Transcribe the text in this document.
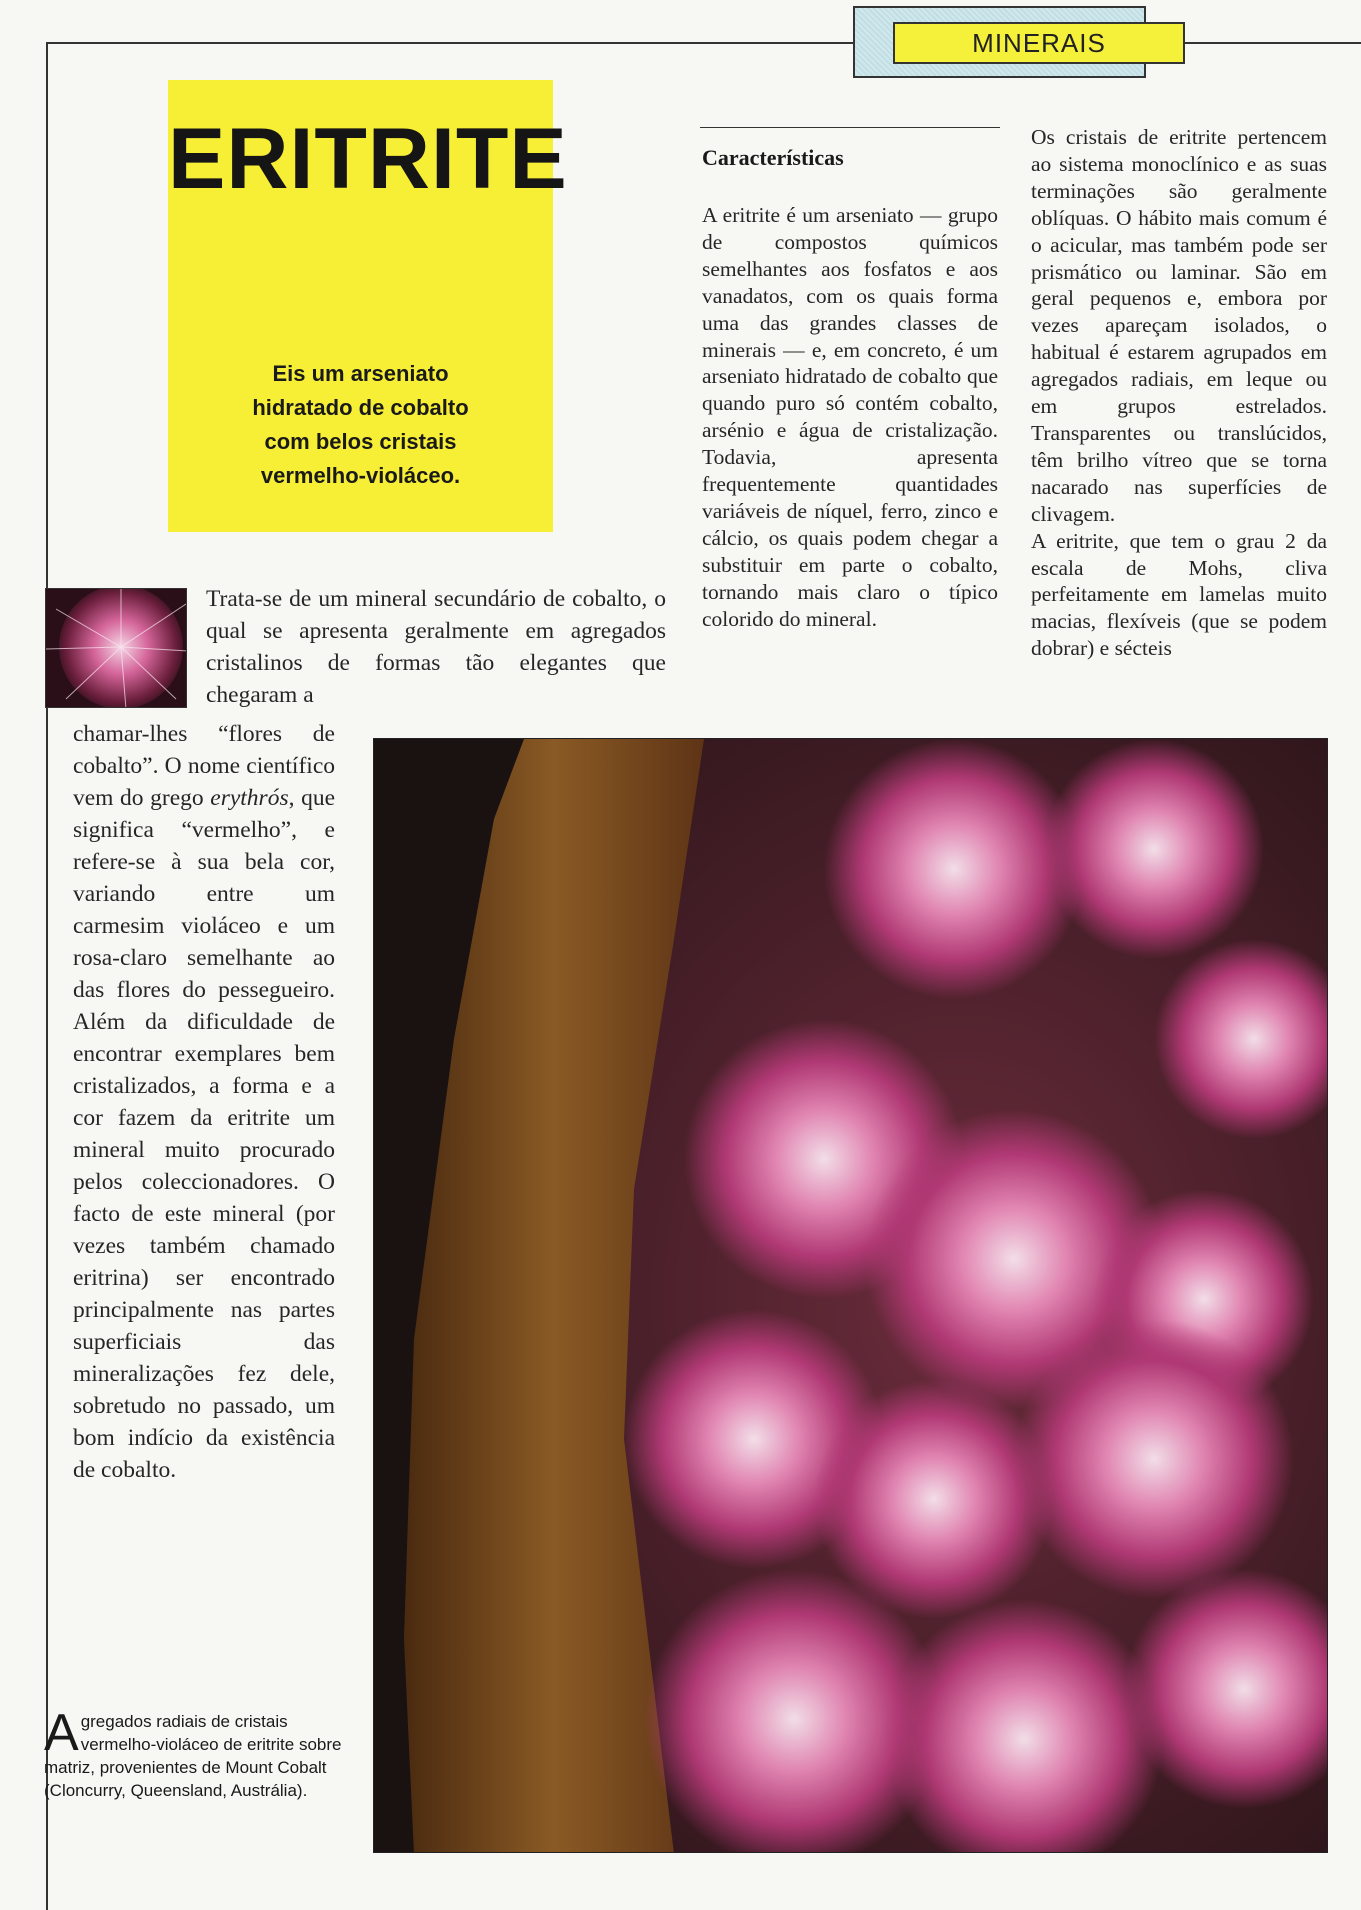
MINERAIS
ERITRITE
Eis um arseniato
hidratado de cobalto
com belos cristais
vermelho-violáceo.
Características
A eritrite é um arseniato — grupo de compostos químicos semelhantes aos fosfatos e aos vanadatos, com os quais forma uma das grandes classes de minerais — e, em concreto, é um arseniato hidratado de cobalto que quando puro só contém cobalto, arsénio e água de cristalização. Todavia, apresenta frequentemente quantidades variáveis de níquel, ferro, zinco e cálcio, os quais podem chegar a substituir em parte o cobalto, tornando mais claro o típico colorido do mineral.
Os cristais de eritrite pertencem ao sistema monoclínico e as suas terminações são geralmente oblíquas. O hábito mais comum é o acicular, mas também pode ser prismático ou laminar. São em geral pequenos e, embora por vezes apareçam isolados, o habitual é estarem agrupados em agregados radiais, em leque ou em grupos estrelados. Transparentes ou translúcidos, têm brilho vítreo que se torna nacarado nas superfícies de clivagem.
A eritrite, que tem o grau 2 da escala de Mohs, cliva perfeitamente em lamelas muito macias, flexíveis (que se podem dobrar) e sécteis
Trata-se de um mineral secundário de cobalto, o qual se apresenta geralmente em agregados cristalinos de formas tão elegantes que chegaram a
chamar-lhes “flores de cobalto”. O nome científico vem do grego erythrós, que significa “vermelho”, e refere-se à sua bela cor, variando entre um carmesim violáceo e um rosa-claro semelhante ao das flores do pessegueiro. Além da dificuldade de encontrar exemplares bem cristalizados, a forma e a cor fazem da eritrite um mineral muito procurado pelos coleccionadores. O facto de este mineral (por vezes também chamado eritrina) ser encontrado principalmente nas partes superficiais das mineralizações fez dele, sobretudo no passado, um bom indício da existência de cobalto.
Agregados radiais de cristais vermelho-violáceo de eritrite sobre matriz, provenientes de Mount Cobalt (Cloncurry, Queensland, Austrália).
